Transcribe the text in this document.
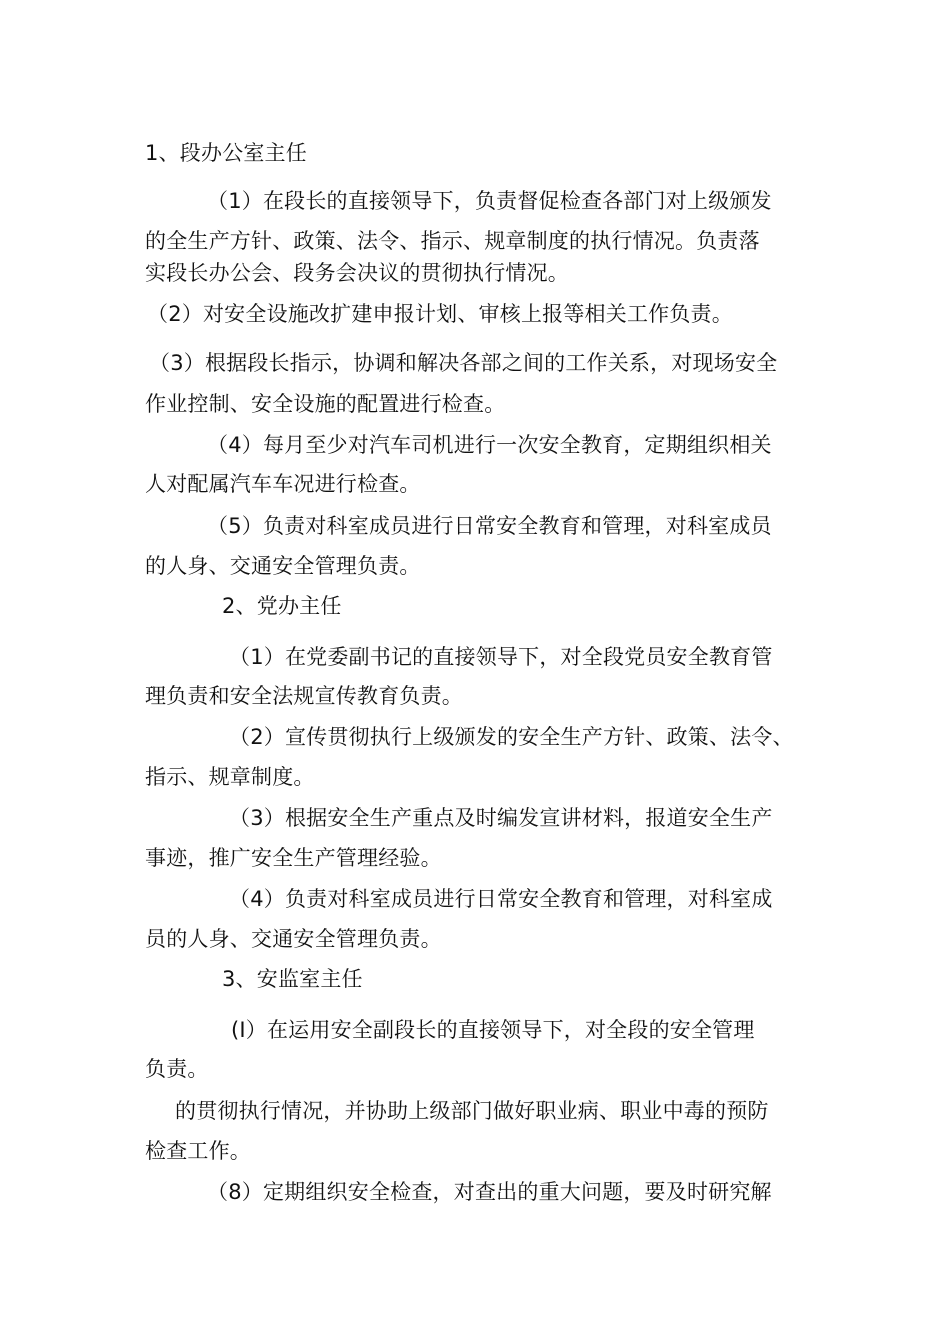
1、段办公室主任
（1）在段长的直接领导下，负责督促检查各部门对上级颁发
的全生产方针、政策、法令、指示、规章制度的执行情况。负责落
实段长办公会、段务会决议的贯彻执行情况。
（2）对安全设施改扩建申报计划、审核上报等相关工作负责。
（3）根据段长指示，协调和解决各部之间的工作关系，对现场安全
作业控制、安全设施的配置进行检查。
（4）每月至少对汽车司机进行一次安全教育，定期组织相关
人对配属汽车车况进行检查。
（5）负责对科室成员进行日常安全教育和管理，对科室成员
的人身、交通安全管理负责。
2、党办主任
（1）在党委副书记的直接领导下，对全段党员安全教育管
理负责和安全法规宣传教育负责。
（2）宣传贯彻执行上级颁发的安全生产方针、政策、法令、
指示、规章制度。
（3）根据安全生产重点及时编发宣讲材料，报道安全生产
事迹，推广安全生产管理经验。
（4）负责对科室成员进行日常安全教育和管理，对科室成
员的人身、交通安全管理负责。
3、安监室主任
(I）在运用安全副段长的直接领导下，对全段的安全管理
负责。
的贯彻执行情况，并协助上级部门做好职业病、职业中毒的预防
检查工作。
（8）定期组织安全检查，对查出的重大问题，要及时研究解
